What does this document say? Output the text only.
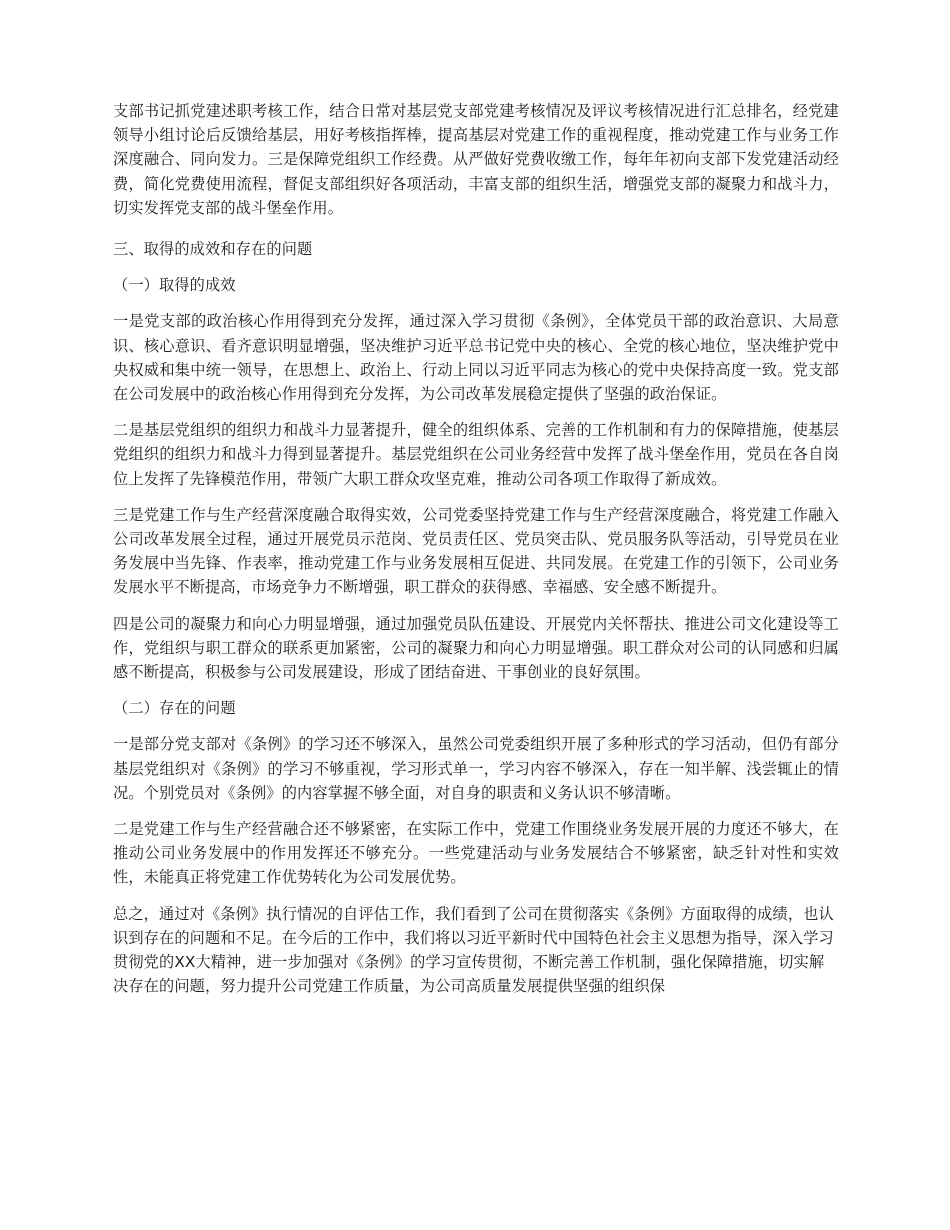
支部书记抓党建述职考核工作，结合日常对基层党支部党建考核情况及评议考核情况进行汇总排名，经党建领导小组讨论后反馈给基层，用好考核指挥棒，提高基层对党建工作的重视程度，推动党建工作与业务工作深度融合、同向发力。三是保障党组织工作经费。从严做好党费收缴工作，每年年初向支部下发党建活动经费，简化党费使用流程，督促支部组织好各项活动，丰富支部的组织生活，增强党支部的凝聚力和战斗力，切实发挥党支部的战斗堡垒作用。

三、取得的成效和存在的问题

（一）取得的成效

一是党支部的政治核心作用得到充分发挥，通过深入学习贯彻《条例》，全体党员干部的政治意识、大局意识、核心意识、看齐意识明显增强，坚决维护习近平总书记党中央的核心、全党的核心地位，坚决维护党中央权威和集中统一领导，在思想上、政治上、行动上同以习近平同志为核心的党中央保持高度一致。党支部在公司发展中的政治核心作用得到充分发挥，为公司改革发展稳定提供了坚强的政治保证。

二是基层党组织的组织力和战斗力显著提升，健全的组织体系、完善的工作机制和有力的保障措施，使基层党组织的组织力和战斗力得到显著提升。基层党组织在公司业务经营中发挥了战斗堡垒作用，党员在各自岗位上发挥了先锋模范作用，带领广大职工群众攻坚克难，推动公司各项工作取得了新成效。

三是党建工作与生产经营深度融合取得实效，公司党委坚持党建工作与生产经营深度融合，将党建工作融入公司改革发展全过程，通过开展党员示范岗、党员责任区、党员突击队、党员服务队等活动，引导党员在业务发展中当先锋、作表率，推动党建工作与业务发展相互促进、共同发展。在党建工作的引领下，公司业务发展水平不断提高，市场竞争力不断增强，职工群众的获得感、幸福感、安全感不断提升。

四是公司的凝聚力和向心力明显增强，通过加强党员队伍建设、开展党内关怀帮扶、推进公司文化建设等工作，党组织与职工群众的联系更加紧密，公司的凝聚力和向心力明显增强。职工群众对公司的认同感和归属感不断提高，积极参与公司发展建设，形成了团结奋进、干事创业的良好氛围。

（二）存在的问题

一是部分党支部对《条例》的学习还不够深入，虽然公司党委组织开展了多种形式的学习活动，但仍有部分基层党组织对《条例》的学习不够重视，学习形式单一，学习内容不够深入，存在一知半解、浅尝辄止的情况。个别党员对《条例》的内容掌握不够全面，对自身的职责和义务认识不够清晰。

二是党建工作与生产经营融合还不够紧密，在实际工作中，党建工作围绕业务发展开展的力度还不够大，在推动公司业务发展中的作用发挥还不够充分。一些党建活动与业务发展结合不够紧密，缺乏针对性和实效性，未能真正将党建工作优势转化为公司发展优势。

总之，通过对《条例》执行情况的自评估工作，我们看到了公司在贯彻落实《条例》方面取得的成绩，也认识到存在的问题和不足。在今后的工作中，我们将以习近平新时代中国特色社会主义思想为指导，深入学习贯彻党的XX大精神，进一步加强对《条例》的学习宣传贯彻，不断完善工作机制，强化保障措施，切实解决存在的问题，努力提升公司党建工作质量，为公司高质量发展提供坚强的组织保
